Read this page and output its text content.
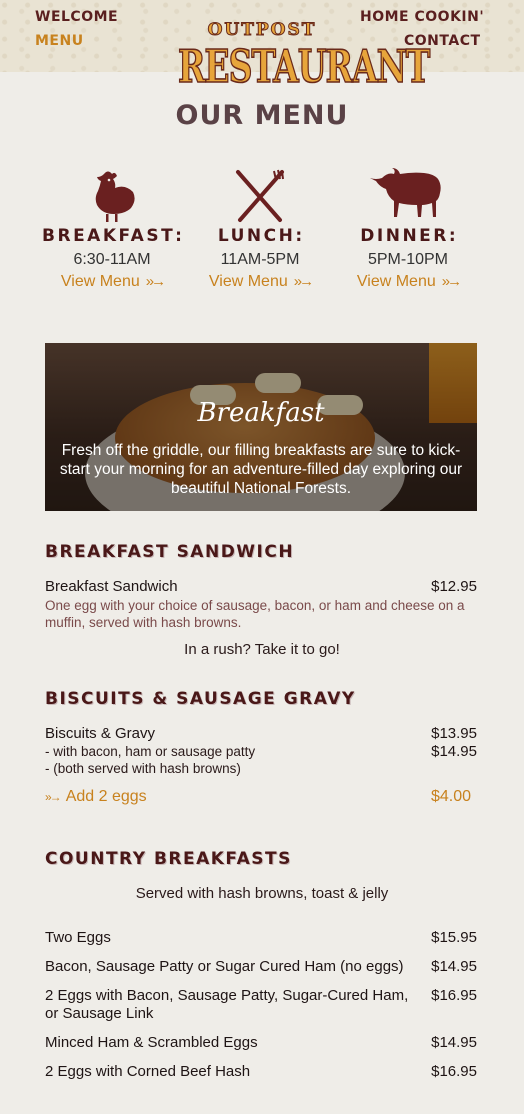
WELCOME
MENU
HOME COOKIN'
CONTACT
OUTPOST
RESTAURANT
OUR MENU
BREAKFAST:
6:30-11AM
View Menu »→
LUNCH:
11AM-5PM
View Menu »→
DINNER:
5PM-10PM
View Menu »→
Breakfast
Fresh off the griddle, our filling breakfasts are sure to kick-start your morning for an adventure-filled day exploring our beautiful National Forests.
BREAKFAST SANDWICH
Breakfast Sandwich	$12.95
One egg with your choice of sausage, bacon, or ham and cheese on a muffin, served with hash browns.
In a rush? Take it to go!
BISCUITS & SAUSAGE GRAVY
Biscuits & Gravy	$13.95
- with bacon, ham or sausage patty	$14.95
- (both served with hash browns)
»→ Add 2 eggs	$4.00
COUNTRY BREAKFASTS
Served with hash browns, toast & jelly
Two Eggs	$15.95
Bacon, Sausage Patty or Sugar Cured Ham (no eggs) $14.95
2 Eggs with Bacon, Sausage Patty, Sugar-Cured Ham, or Sausage Link
$16.95
Minced Ham & Scrambled Eggs	$14.95
2 Eggs with Corned Beef Hash	$16.95
